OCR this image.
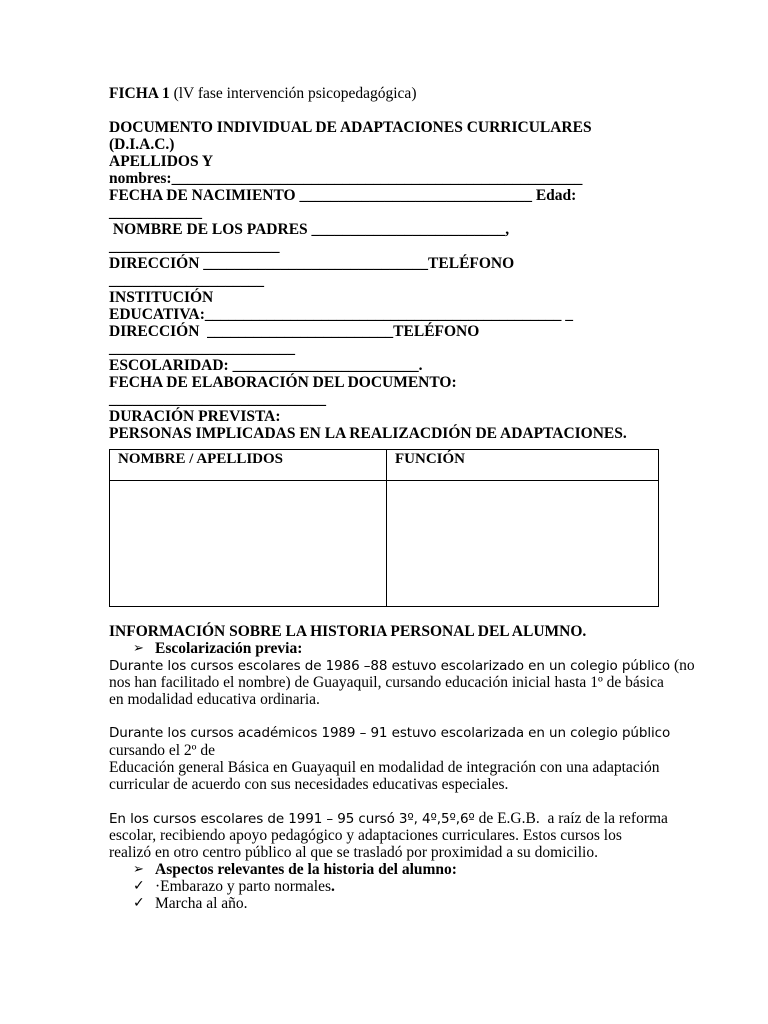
FICHA 1 (lV fase intervención psicopedagógica)
DOCUMENTO INDIVIDUAL DE ADAPTACIONES CURRICULARES
(D.I.A.C.)
APELLIDOS Y
nombres:_____________________________________________________
FECHA DE NACIMIENTO ______________________________ Edad:
____________
NOMBRE DE LOS PADRES _________________________,
______________________
DIRECCIÓN _____________________________TELÉFONO
____________________
INSTITUCIÓN
EDUCATIVA:______________________________________________ _
DIRECCIÓN  ________________________TELÉFONO
________________________
ESCOLARIDAD: ________________________.
FECHA DE ELABORACIÓN DEL DOCUMENTO:
____________________________
DURACIÓN PREVISTA:
PERSONAS IMPLICADAS EN LA REALIZACDIÓN DE ADAPTACIONES.
NOMBRE / APELLIDOS	FUNCIÓN

INFORMACIÓN SOBRE LA HISTORIA PERSONAL DEL ALUMNO.
➢ Escolarización previa:
Durante los cursos escolares de 1986 –88 estuvo escolarizado en un colegio público (no
nos han facilitado el nombre) de Guayaquil, cursando educación inicial hasta 1º de básica
en modalidad educativa ordinaria.
Durante los cursos académicos 1989 – 91 estuvo escolarizada en un colegio público
cursando el 2º de
Educación general Básica en Guayaquil en modalidad de integración con una adaptación
curricular de acuerdo con sus necesidades educativas especiales.
En los cursos escolares de 1991 – 95 cursó 3º, 4º,5º,6º de E.G.B.  a raíz de la reforma
escolar, recibiendo apoyo pedagógico y adaptaciones curriculares. Estos cursos los
realizó en otro centro público al que se trasladó por proximidad a su domicilio.
➢ Aspectos relevantes de la historia del alumno:
✓ ·Embarazo y parto normales.
✓ Marcha al año.
